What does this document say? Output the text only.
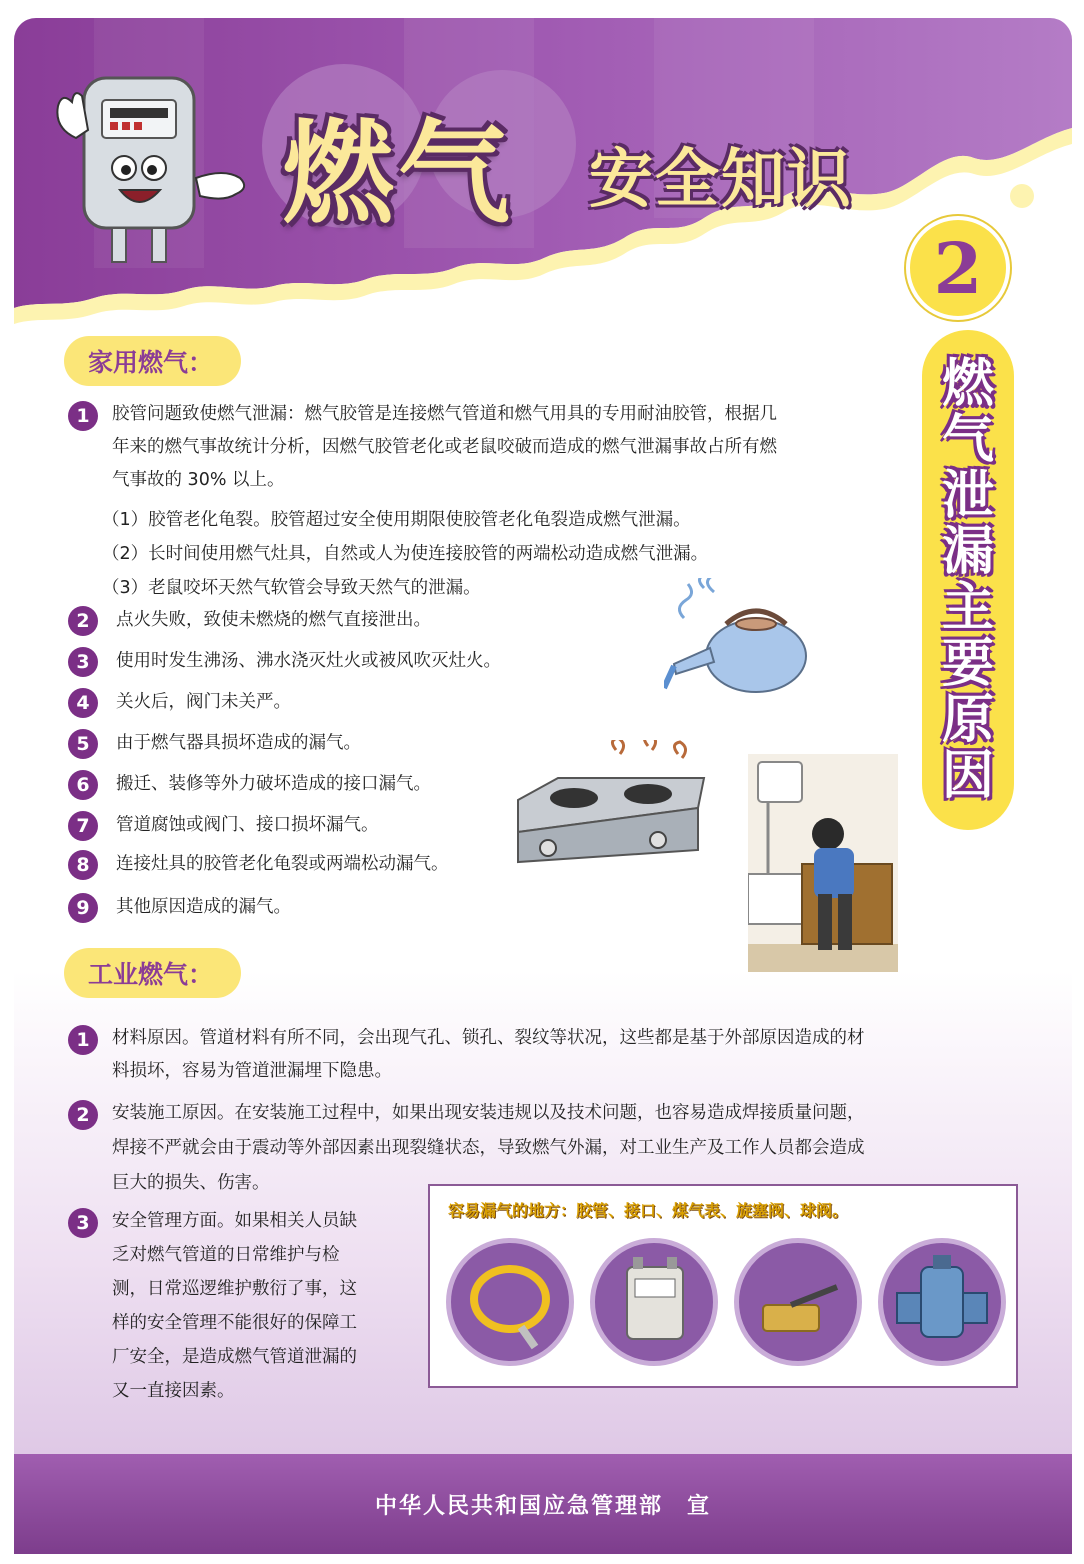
燃气 安全知识
2
燃
气
泄
漏
主
要
原
因
家用燃气：
1	胶管问题致使燃气泄漏：燃气胶管是连接燃气管道和燃气用具的专用耐油胶管，根据几
年来的燃气事故统计分析，因燃气胶管老化或老鼠咬破而造成的燃气泄漏事故占所有燃
气事故的 30% 以上。
（1）胶管老化龟裂。胶管超过安全使用期限使胶管老化龟裂造成燃气泄漏。
（2）长时间使用燃气灶具，自然或人为使连接胶管的两端松动造成燃气泄漏。
（3）老鼠咬坏天然气软管会导致天然气的泄漏。
2	点火失败，致使未燃烧的燃气直接泄出。
3	使用时发生沸汤、沸水浇灭灶火或被风吹灭灶火。
4	关火后，阀门未关严。
5	由于燃气器具损坏造成的漏气。
6	搬迁、装修等外力破坏造成的接口漏气。
7	管道腐蚀或阀门、接口损坏漏气。
8	连接灶具的胶管老化龟裂或两端松动漏气。
9	其他原因造成的漏气。
工业燃气：
1	材料原因。管道材料有所不同，会出现气孔、锁孔、裂纹等状况，这些都是基于外部原因造成的材
料损坏，容易为管道泄漏埋下隐患。
2	安装施工原因。在安装施工过程中，如果出现安装违规以及技术问题，也容易造成焊接质量问题，
焊接不严就会由于震动等外部因素出现裂缝状态，导致燃气外漏，对工业生产及工作人员都会造成
巨大的损失、伤害。
3	安全管理方面。如果相关人员缺
乏对燃气管道的日常维护与检
测，日常巡逻维护敷衍了事，这
样的安全管理不能很好的保障工
厂安全，是造成燃气管道泄漏的
又一直接因素。
容易漏气的地方：胶管、接口、煤气表、旋塞阀、球阀。
中华人民共和国应急管理部　宣
